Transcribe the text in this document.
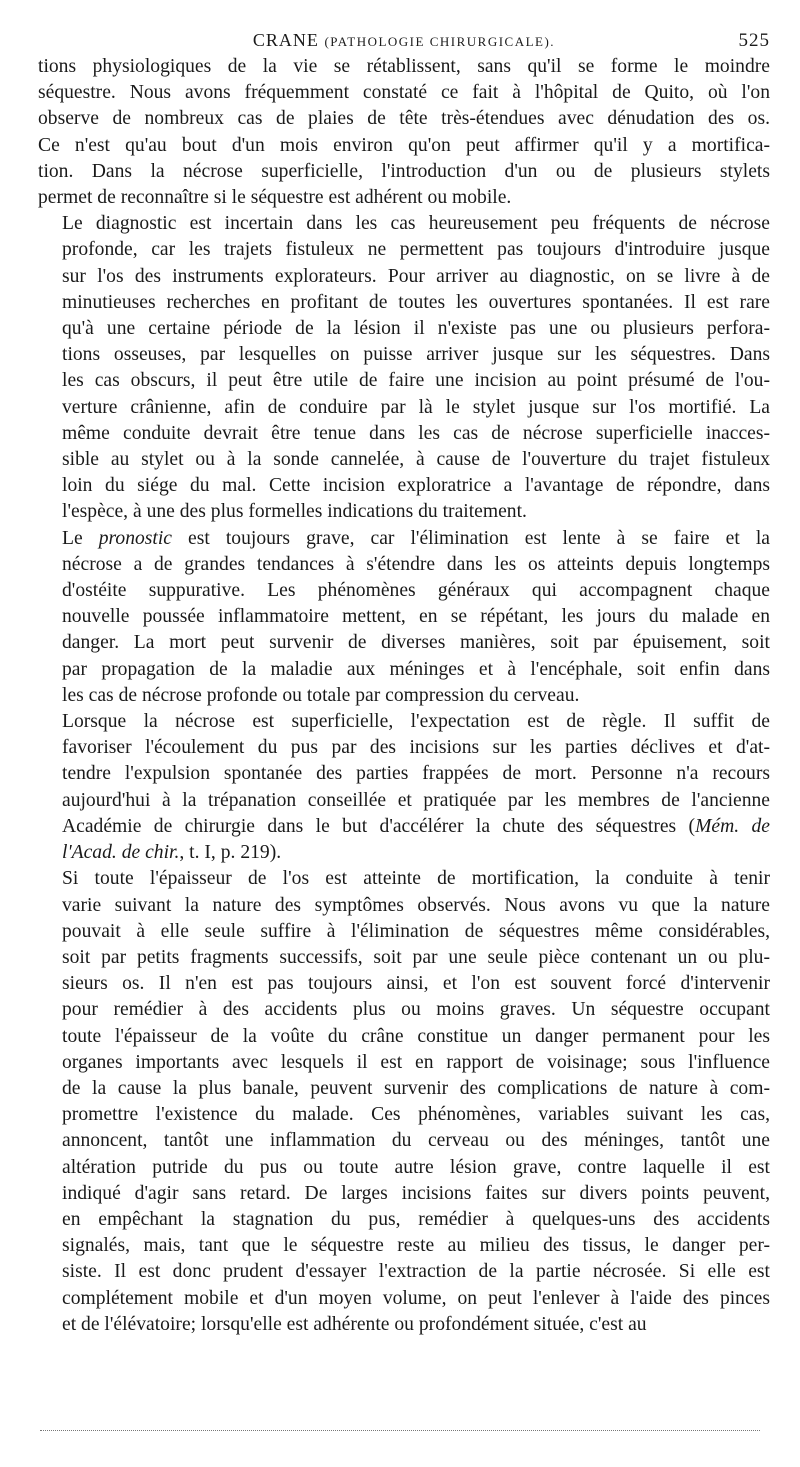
CRANE (PATHOLOGIE CHIRURGICALE).	525
tions physiologiques de la vie se rétablissent, sans qu'il se forme le moindre
séquestre. Nous avons fréquemment constaté ce fait à l'hôpital de Quito, où l'on
observe de nombreux cas de plaies de tête très-étendues avec dénudation des os.
Ce n'est qu'au bout d'un mois environ qu'on peut affirmer qu'il y a mortifica-
tion. Dans la nécrose superficielle, l'introduction d'un ou de plusieurs stylets
permet de reconnaître si le séquestre est adhérent ou mobile.
Le diagnostic est incertain dans les cas heureusement peu fréquents de nécrose
profonde, car les trajets fistuleux ne permettent pas toujours d'introduire jusque
sur l'os des instruments explorateurs. Pour arriver au diagnostic, on se livre à de
minutieuses recherches en profitant de toutes les ouvertures spontanées. Il est rare
qu'à une certaine période de la lésion il n'existe pas une ou plusieurs perfora-
tions osseuses, par lesquelles on puisse arriver jusque sur les séquestres. Dans
les cas obscurs, il peut être utile de faire une incision au point présumé de l'ou-
verture crânienne, afin de conduire par là le stylet jusque sur l'os mortifié. La
même conduite devrait être tenue dans les cas de nécrose superficielle inacces-
sible au stylet ou à la sonde cannelée, à cause de l'ouverture du trajet fistuleux
loin du siége du mal. Cette incision exploratrice a l'avantage de répondre, dans
l'espèce, à une des plus formelles indications du traitement.
Le pronostic est toujours grave, car l'élimination est lente à se faire et la
nécrose a de grandes tendances à s'étendre dans les os atteints depuis longtemps
d'ostéite suppurative. Les phénomènes généraux qui accompagnent chaque
nouvelle poussée inflammatoire mettent, en se répétant, les jours du malade en
danger. La mort peut survenir de diverses manières, soit par épuisement, soit
par propagation de la maladie aux méninges et à l'encéphale, soit enfin dans
les cas de nécrose profonde ou totale par compression du cerveau.
Lorsque la nécrose est superficielle, l'expectation est de règle. Il suffit de
favoriser l'écoulement du pus par des incisions sur les parties déclives et d'at-
tendre l'expulsion spontanée des parties frappées de mort. Personne n'a recours
aujourd'hui à la trépanation conseillée et pratiquée par les membres de l'ancienne
Académie de chirurgie dans le but d'accélérer la chute des séquestres (Mém. de
l'Acad. de chir., t. I, p. 219).
Si toute l'épaisseur de l'os est atteinte de mortification, la conduite à tenir
varie suivant la nature des symptômes observés. Nous avons vu que la nature
pouvait à elle seule suffire à l'élimination de séquestres même considérables,
soit par petits fragments successifs, soit par une seule pièce contenant un ou plu-
sieurs os. Il n'en est pas toujours ainsi, et l'on est souvent forcé d'intervenir
pour remédier à des accidents plus ou moins graves. Un séquestre occupant
toute l'épaisseur de la voûte du crâne constitue un danger permanent pour les
organes importants avec lesquels il est en rapport de voisinage; sous l'influence
de la cause la plus banale, peuvent survenir des complications de nature à com-
promettre l'existence du malade. Ces phénomènes, variables suivant les cas,
annoncent, tantôt une inflammation du cerveau ou des méninges, tantôt une
altération putride du pus ou toute autre lésion grave, contre laquelle il est
indiqué d'agir sans retard. De larges incisions faites sur divers points peuvent,
en empêchant la stagnation du pus, remédier à quelques-uns des accidents
signalés, mais, tant que le séquestre reste au milieu des tissus, le danger per-
siste. Il est donc prudent d'essayer l'extraction de la partie nécrosée. Si elle est
complétement mobile et d'un moyen volume, on peut l'enlever à l'aide des pinces
et de l'élévatoire; lorsqu'elle est adhérente ou profondément située, c'est au
